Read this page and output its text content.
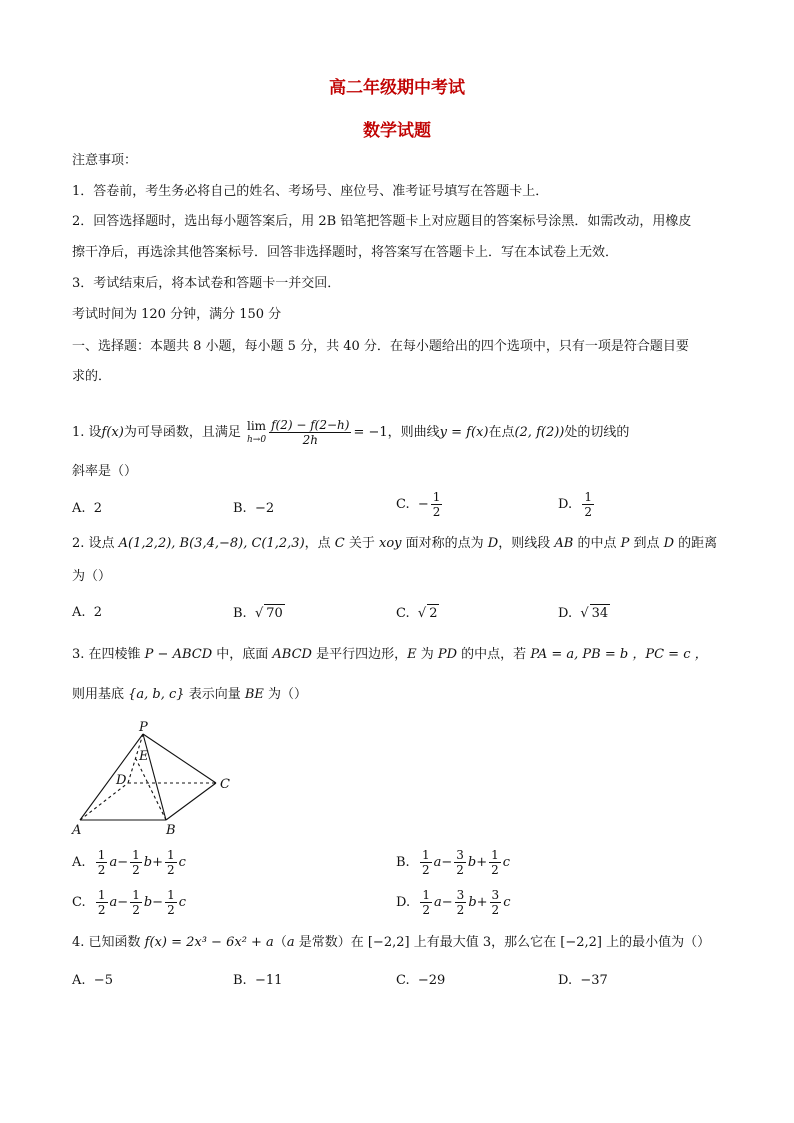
高二年级期中考试
数学试题
注意事项：
1．答卷前，考生务必将自己的姓名、考场号、座位号、准考证号填写在答题卡上．
2．回答选择题时，选出每小题答案后，用 2B 铅笔把答题卡上对应题目的答案标号涂黑．如需改动，用橡皮
擦干净后，再选涂其他答案标号．回答非选择题时，将答案写在答题卡上．写在本试卷上无效．
3．考试结束后，将本试卷和答题卡一并交回．
考试时间为 120 分钟，满分 150 分
一、选择题：本题共 8 小题，每小题 5 分，共 40 分．在每小题给出的四个选项中，只有一项是符合题目要
求的．
1. 设f(x)为可导函数，且满足 lim
$h\to 0 \frac{f(2) - f(2-h)}{2h} = -1$，则曲线y = f(x)在点(2, f(2))处的切线的
斜率是（）
A. 2	B. −2	C. − $\frac{1}{2}$	D. $\frac{1}{2}$
2. 设点 A(1,2,2), B(3,4,−8), C(1,2,3)，点 C 关于 xoy 面对称的点为 D，则线段 AB 的中点 P 到点 D 的距离
为（）
A. 2	B.  √ 70	C.  √ 2	D.  √ 34
3. 在四棱锥 P − ABCD 中，底面 ABCD 是平行四边形，E 为 PD 的中点，若 PA = a, PB = b ，PC = c ，
则用基底 {a, b, c} 表示向量 BE 为（）
P
E
D	C
A	B
A. $\frac{1}{2} a- \frac{1}{2} b+ \frac{1}{2}$ c	B. $\frac{1}{2} a- \frac{3}{2} b+ \frac{1}{2}$ c
C. $\frac{1}{2} a- \frac{1}{2} b- \frac{1}{2}$ c	D. $\frac{1}{2} a- \frac{3}{2} b+ \frac{3}{2}$ c
4. 已知函数 f(x) = 2x³ − 6x² + a（a 是常数）在 [−2,2] 上有最大值 3，那么它在 [−2,2] 上的最小值为（）
A. −5	B. −11	C. −29	D. −37
